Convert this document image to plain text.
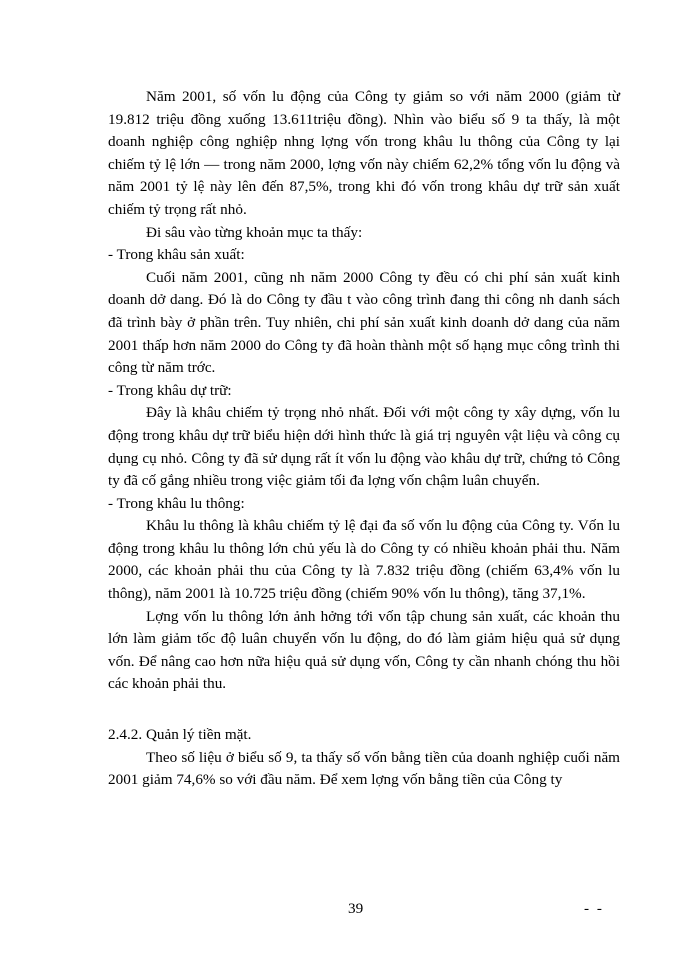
Năm 2001, số vốn lu động của Công ty giảm so với năm 2000 (giảm từ 19.812 triệu đồng xuống 13.611triệu đồng). Nhìn vào biểu số 9 ta thấy, là một doanh nghiệp công nghiệp nhng lợng vốn trong khâu lu thông của Công ty lại chiếm tỷ lệ lớn — trong năm 2000, lợng vốn này chiếm 62,2% tổng vốn lu động và năm 2001 tỷ lệ này lên đến 87,5%, trong khi đó vốn trong khâu dự trữ sản xuất chiếm tỷ trọng rất nhỏ.

Đi sâu vào từng khoản mục ta thấy:

- Trong khâu sản xuất:

Cuối năm 2001, cũng nh năm 2000 Công ty đều có chi phí sản xuất kinh doanh dở dang. Đó là do Công ty đầu t vào công trình đang thi công nh danh sách đã trình bày ở phần trên. Tuy nhiên, chi phí sản xuất kinh doanh dở dang của năm 2001 thấp hơn năm 2000 do Công ty đã hoàn thành một số hạng mục công trình thi công từ năm trớc.

- Trong khâu dự trữ:

Đây là khâu chiếm tỷ trọng nhỏ nhất. Đối với một công ty xây dựng, vốn lu động trong khâu dự trữ biểu hiện dới hình thức là giá trị nguyên vật liệu và công cụ dụng cụ nhỏ. Công ty đã sử dụng rất ít vốn lu động vào khâu dự trữ, chứng tỏ Công ty đã cố gắng nhiều trong việc giảm tối đa lợng vốn chậm luân chuyển.

- Trong khâu lu thông:

Khâu lu thông là khâu chiếm tỷ lệ đại đa số vốn lu động của Công ty. Vốn lu động trong khâu lu thông lớn chủ yếu là do Công ty có nhiều khoản phải thu. Năm 2000, các khoản phải thu của Công ty là 7.832 triệu đồng (chiếm 63,4% vốn lu thông), năm 2001 là 10.725 triệu đồng (chiếm 90% vốn lu thông), tăng 37,1%.

Lợng vốn lu thông lớn ảnh hởng tới vốn tập chung sản xuất, các khoản thu lớn làm giảm tốc độ luân chuyển vốn lu động, do đó làm giảm hiệu quả sử dụng vốn. Để nâng cao hơn nữa hiệu quả sử dụng vốn, Công ty cần nhanh chóng thu hồi các khoản phải thu.

2.4.2. Quản lý tiền mặt.

Theo số liệu ở biểu số 9, ta thấy số vốn bằng tiền của doanh nghiệp cuối năm 2001 giảm 74,6% so với đầu năm. Để xem lợng vốn bằng tiền của Công ty

39	- -
